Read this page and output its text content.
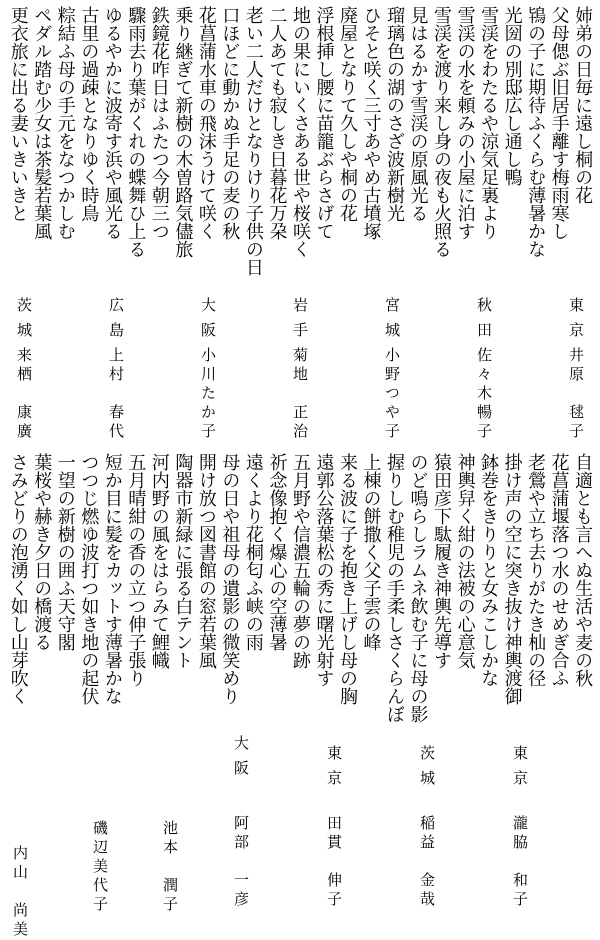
姉弟の日毎に遠し桐の花
父母偲ぶ旧居手離す梅雨寒し
鴇の子に期待ふくらむ薄暑かな
光圀の別邸広し通し鴨
雪渓をわたるや涼気足裏より
雪渓の水を頼みの小屋に泊す
雪渓を渡り来し身の夜も火照る
見はるかす雪渓の原風光る
瑠璃色の湖のさざ波新樹光
ひそと咲く三寸あやめ古墳塚
廃屋となりて久しや桐の花
浮根挿し腰に苗籠ぶらさげて
地の果にいくさある世や桜咲く
二人あても寂しき日暮花万朶
老い二人だけとなりけり子供の日
口ほどに動かぬ手足の麦の秋
花菖蒲水車の飛沫うけて咲く
乗り継ぎて新樹の木曽路気儘旅
鉄鏡花咋日はふたつ今朝三つ
驟雨去り葉がくれの蝶舞ひ上る
ゆるやかに波寄す浜や風光る
古里の過疎となりゆく時鳥
粽結ふ母の手元をなつかしむ
ペダル踏む少女は茶髪若葉風
更衣旅に出る妻いきいきと
東京
井原　毬子
秋田
佐々木暢子
宮城
小野つや子
岩手
菊地　正治
大阪
小川たか子
広島
上村　春代
茨城
来栖　康廣
自適とも言へぬ生活や麦の秋
花菖蒲堰落つ水のせめぎ合ふ
老鶯や立ち去りがたき杣の径
掛け声の空に突き抜け神輿渡御
鉢巻をきりりと女みこしかな
神輿舁く紺の法被の心意気
猿田彦下駄履き神輿先導す
のど鳴らしラムネ飲む子に母の影
握りしむ稚児の手柔しさくらんぼ
上棟の餅撒く父子雲の峰
来る波に子を抱き上げし母の胸
遠郭公落葉松の秀に曙光射す
五月野や信濃五輪の夢の跡
祈念像抱く爆心の空薄暑
遠くより花桐匂ふ峡の雨
母の日や祖母の遺影の微笑めり
開け放つ図書館の窓若葉風
陶器市新緑に張る白テント
河内野の風をはらみて鯉幟
五月晴紺の香の立つ伸子張り
短か目に髪をカットす薄暑かな
つつじ燃ゆ波打つ如き地の起伏
一望の新樹の囲ふ天守閣
葉桜や赫き夕日の橋渡る
さみどりの泡湧く如し山芽吹く
東京
瀧脇　和子
茨城
稲益　金哉
東京
田貫　伸子
大阪
阿部　一彦
池本　潤子
磯辺美代子
内山　尚美
